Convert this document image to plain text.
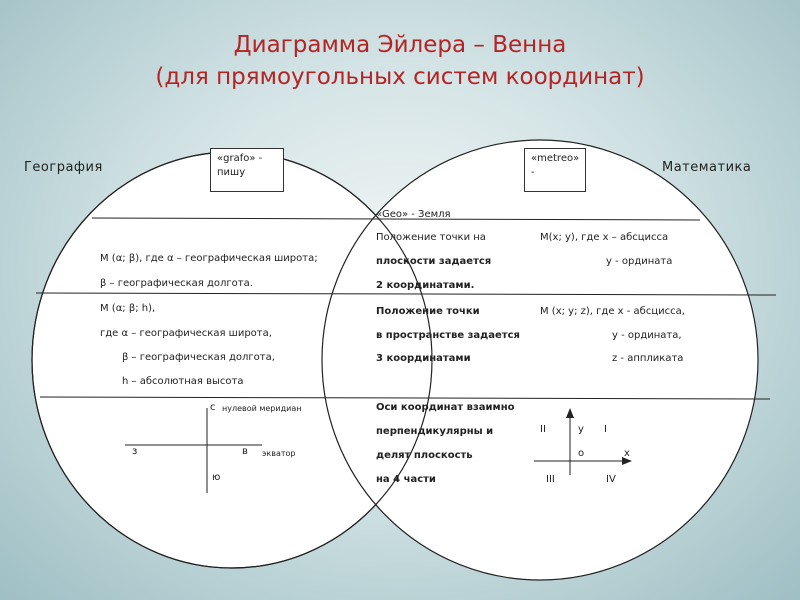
Диаграмма Эйлера – Венна
(для прямоугольных систем координат)
География	Математика
«grafo» -
пишу
«metreo»
-
«Geo» - Земля
Положение точки на
плоскости задается
2 координатами.
Положение точки
в пространстве задается
3 координатами
Оси координат взаимно
перпендикулярны и
делят плоскость
на 4 части
M (α; β), где α – географическая широта;
β – географическая долгота.
M (α; β; h),
где α – географическая широта,
β – географическая долгота,
h – абсолютная высота
с нулевой меридиан
з	в экватор
ю
M(x; y), где x – абсцисса
y - ордината
M (x; y; z), где x - абсцисса,
y - ордината,
z - аппликата
y
x
o
I
II
III	IV
